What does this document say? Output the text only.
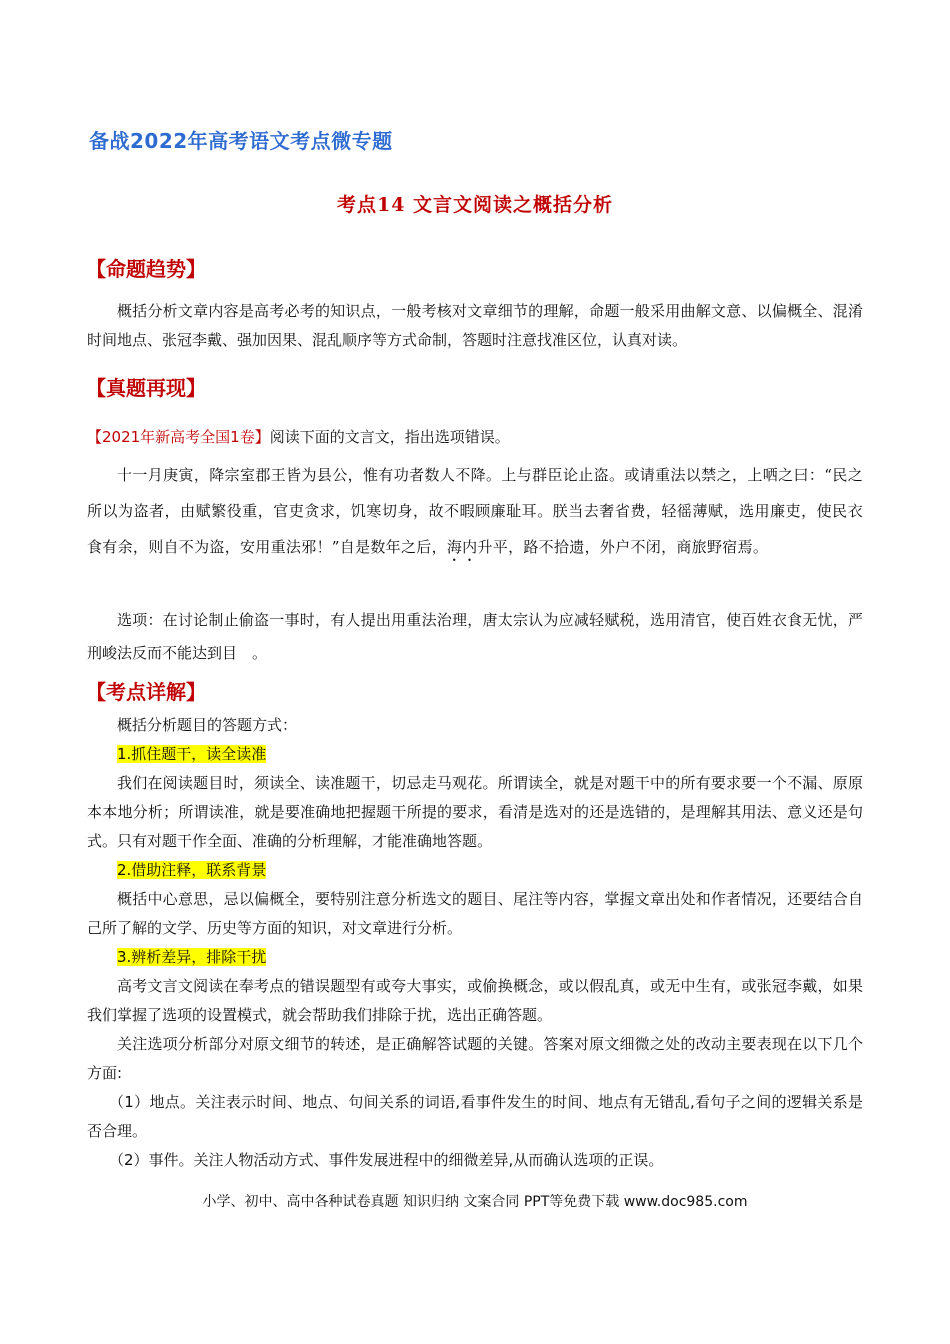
备战2022年高考语文考点微专题
考点14 文言文阅读之概括分析
【命题趋势】
概括分析文章内容是高考必考的知识点，一般考核对文章细节的理解，命题一般采用曲解文意、以偏概全、混淆时间地点、张冠李戴、强加因果、混乱顺序等方式命制，答题时注意找准区位，认真对读。
【真题再现】
【2021年新高考全国1卷】阅读下面的文言文，指出选项错误。
十一月庚寅，降宗室郡王皆为县公，惟有功者数人不降。上与群臣论止盗。或请重法以禁之，上哂之曰：“民之所以为盗者，由赋繁役重，官吏贪求，饥寒切身，故不暇顾廉耻耳。朕当去奢省费，轻徭薄赋，选用廉吏，使民衣食有余，则自不为盗，安用重法邪！”自是数年之后，海内升平，路不拾遗，外户不闭，商旅野宿焉。
选项：在讨论制止偷盗一事时，有人提出用重法治理，唐太宗认为应减轻赋税，选用清官，使百姓衣食无忧，严刑峻法反而不能达到目　。
【考点详解】
概括分析题目的答题方式：
1.抓住题干，读全读准
我们在阅读题目时，须读全、读准题干，切忌走马观花。所谓读全，就是对题干中的所有要求要一个不漏、原原本本地分析；所谓读准，就是要准确地把握题干所提的要求，看清是选对的还是选错的，是理解其用法、意义还是句式。只有对题干作全面、准确的分析理解，才能准确地答题。
2.借助注释，联系背景
概括中心意思，忌以偏概全，要特别注意分析选文的题目、尾注等内容，掌握文章出处和作者情况，还要结合自己所了解的文学、历史等方面的知识，对文章进行分析。
3.辨析差异，排除干扰
高考文言文阅读在奉考点的错误题型有或夸大事实，或偷换概念，或以假乱真，或无中生有，或张冠李戴，如果我们掌握了选项的设置模式，就会帮助我们排除于扰，选出正确答题。
关注选项分析部分对原文细节的转述，是正确解答试题的关键。答案对原文细微之处的改动主要表现在以下几个方面:
（1）地点。关注表示时间、地点、句间关系的词语,看事件发生的时间、地点有无错乱,看句子之间的逻辑关系是否合理。
（2）事件。关注人物活动方式、事件发展进程中的细微差异,从而确认选项的正误。
小学、初中、高中各种试卷真题 知识归纳 文案合同 PPT等免费下载 www.doc985.com
